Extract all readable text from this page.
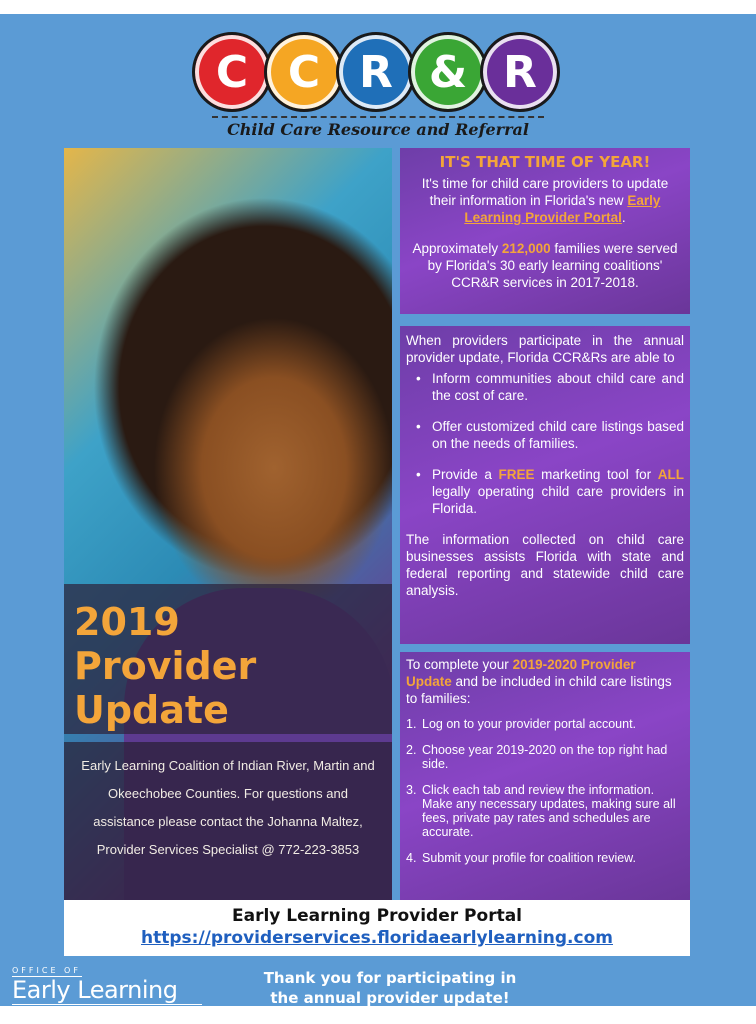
C C R & R
Child Care Resource and Referral
2019
Provider
Update
Early Learning Coalition of Indian River, Martin and Okeechobee Counties. For questions and assistance please contact the Johanna Maltez, Provider Services Specialist @ 772-223-3853
IT'S THAT TIME OF YEAR!
It's time for child care providers to update their information in Florida's new Early Learning Provider Portal.
Approximately 212,000 families were served by Florida's 30 early learning coalitions' CCR&R services in 2017-2018.
When providers participate in the annual provider update, Florida CCR&Rs are able to
• Inform communities about child care and the cost of care.
• Offer customized child care listings based on the needs of families.
• Provide a FREE marketing tool for ALL legally operating child care providers in Florida.
The information collected on child care businesses assists Florida with state and federal reporting and statewide child care analysis.
To complete your 2019-2020 Provider Update and be included in child care listings to families:
1. Log on to your provider portal account.
2. Choose year 2019-2020 on the top right had side.
3. Click each tab and review the information. Make any necessary updates, making sure all fees, private pay rates and schedules are accurate.
4. Submit your profile for coalition review.
Early Learning Provider Portal
https://providerservices.floridaearlylearning.com
OFFICE OF
Early Learning
LEARN EARLY. LEARN FOR LIFE.
Thank you for participating in
the annual provider update!
